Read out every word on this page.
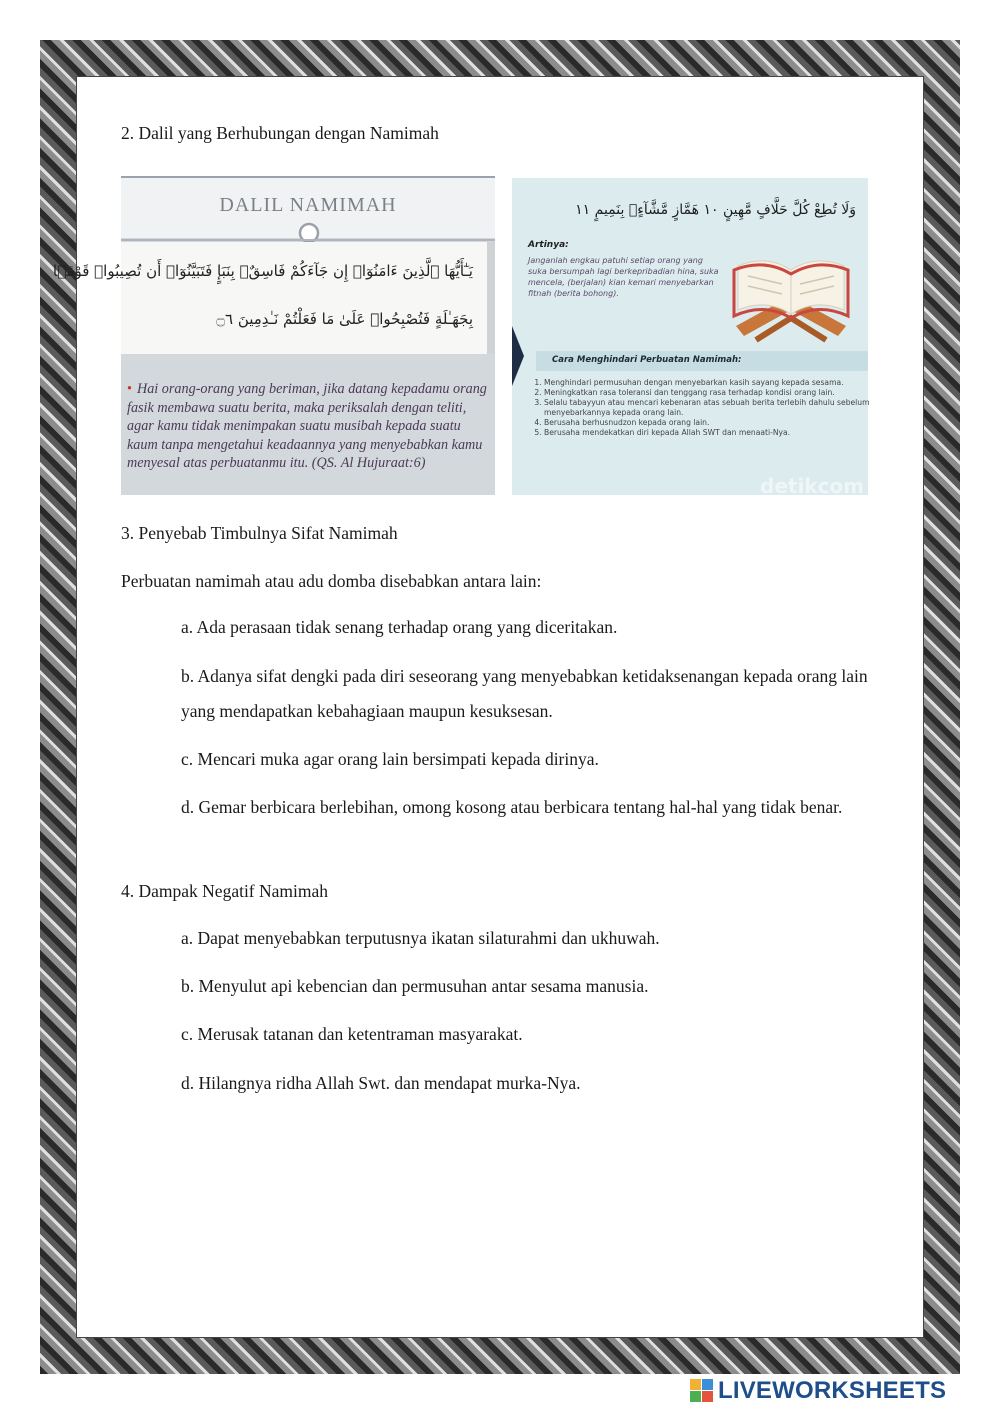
2. Dalil yang Berhubungan dengan Namimah
DALIL NAMIMAH
يَـٰٓأَيُّهَا ٱلَّذِينَ ءَامَنُوٓا۟ إِن جَآءَكُمْ فَاسِقٌۢ بِنَبَإٍ فَتَبَيَّنُوٓا۟ أَن تُصِيبُوا۟ قَوْمًۢا
بِجَهَـٰلَةٍ فَتُصْبِحُوا۟ عَلَىٰ مَا فَعَلْتُمْ نَـٰدِمِينَ ۝٦
• Hai orang-orang yang beriman, jika datang kepadamu orang fasik membawa suatu berita, maka periksalah dengan teliti, agar kamu tidak menimpakan suatu musibah kepada suatu kaum tanpa mengetahui keadaannya yang menyebabkan kamu menyesal atas perbuatanmu itu. (QS. Al Hujuraat:6)
وَلَا تُطِعْ كُلَّ حَلَّافٍ مَّهِينٍ ١٠ هَمَّازٍ مَّشَّآءٍۭ بِنَمِيمٍ ١١
Artinya:
Janganlah engkau patuhi setiap orang yang suka bersumpah lagi berkepribadian hina, suka mencela, (berjalan) kian kemari menyebarkan fitnah (berita bohong).
Cara Menghindari Perbuatan Namimah:
1. Menghindari permusuhan dengan menyebarkan kasih sayang kepada sesama.
2. Meningkatkan rasa toleransi dan tenggang rasa terhadap kondisi orang lain.
3. Selalu tabayyun atau mencari kebenaran atas sebuah berita terlebih dahulu sebelum menyebarkannya kepada orang lain.
4. Berusaha berhusnudzon kepada orang lain.
5. Berusaha mendekatkan diri kepada Allah SWT dan menaati-Nya.
detikcom
3. Penyebab Timbulnya Sifat Namimah
Perbuatan namimah atau adu domba disebabkan antara lain:
a. Ada perasaan tidak senang terhadap orang yang diceritakan.
b. Adanya sifat dengki pada diri seseorang yang menyebabkan ketidaksenangan kepada orang lain yang mendapatkan kebahagiaan maupun kesuksesan.
c. Mencari muka agar orang lain bersimpati kepada dirinya.
d. Gemar berbicara berlebihan, omong kosong atau berbicara tentang hal-hal yang tidak benar.
4. Dampak Negatif Namimah
a. Dapat menyebabkan terputusnya ikatan silaturahmi dan ukhuwah.
b. Menyulut api kebencian dan permusuhan antar sesama manusia.
c. Merusak tatanan dan ketentraman masyarakat.
d. Hilangnya ridha Allah Swt. dan mendapat murka-Nya.
LIVEWORKSHEETS
